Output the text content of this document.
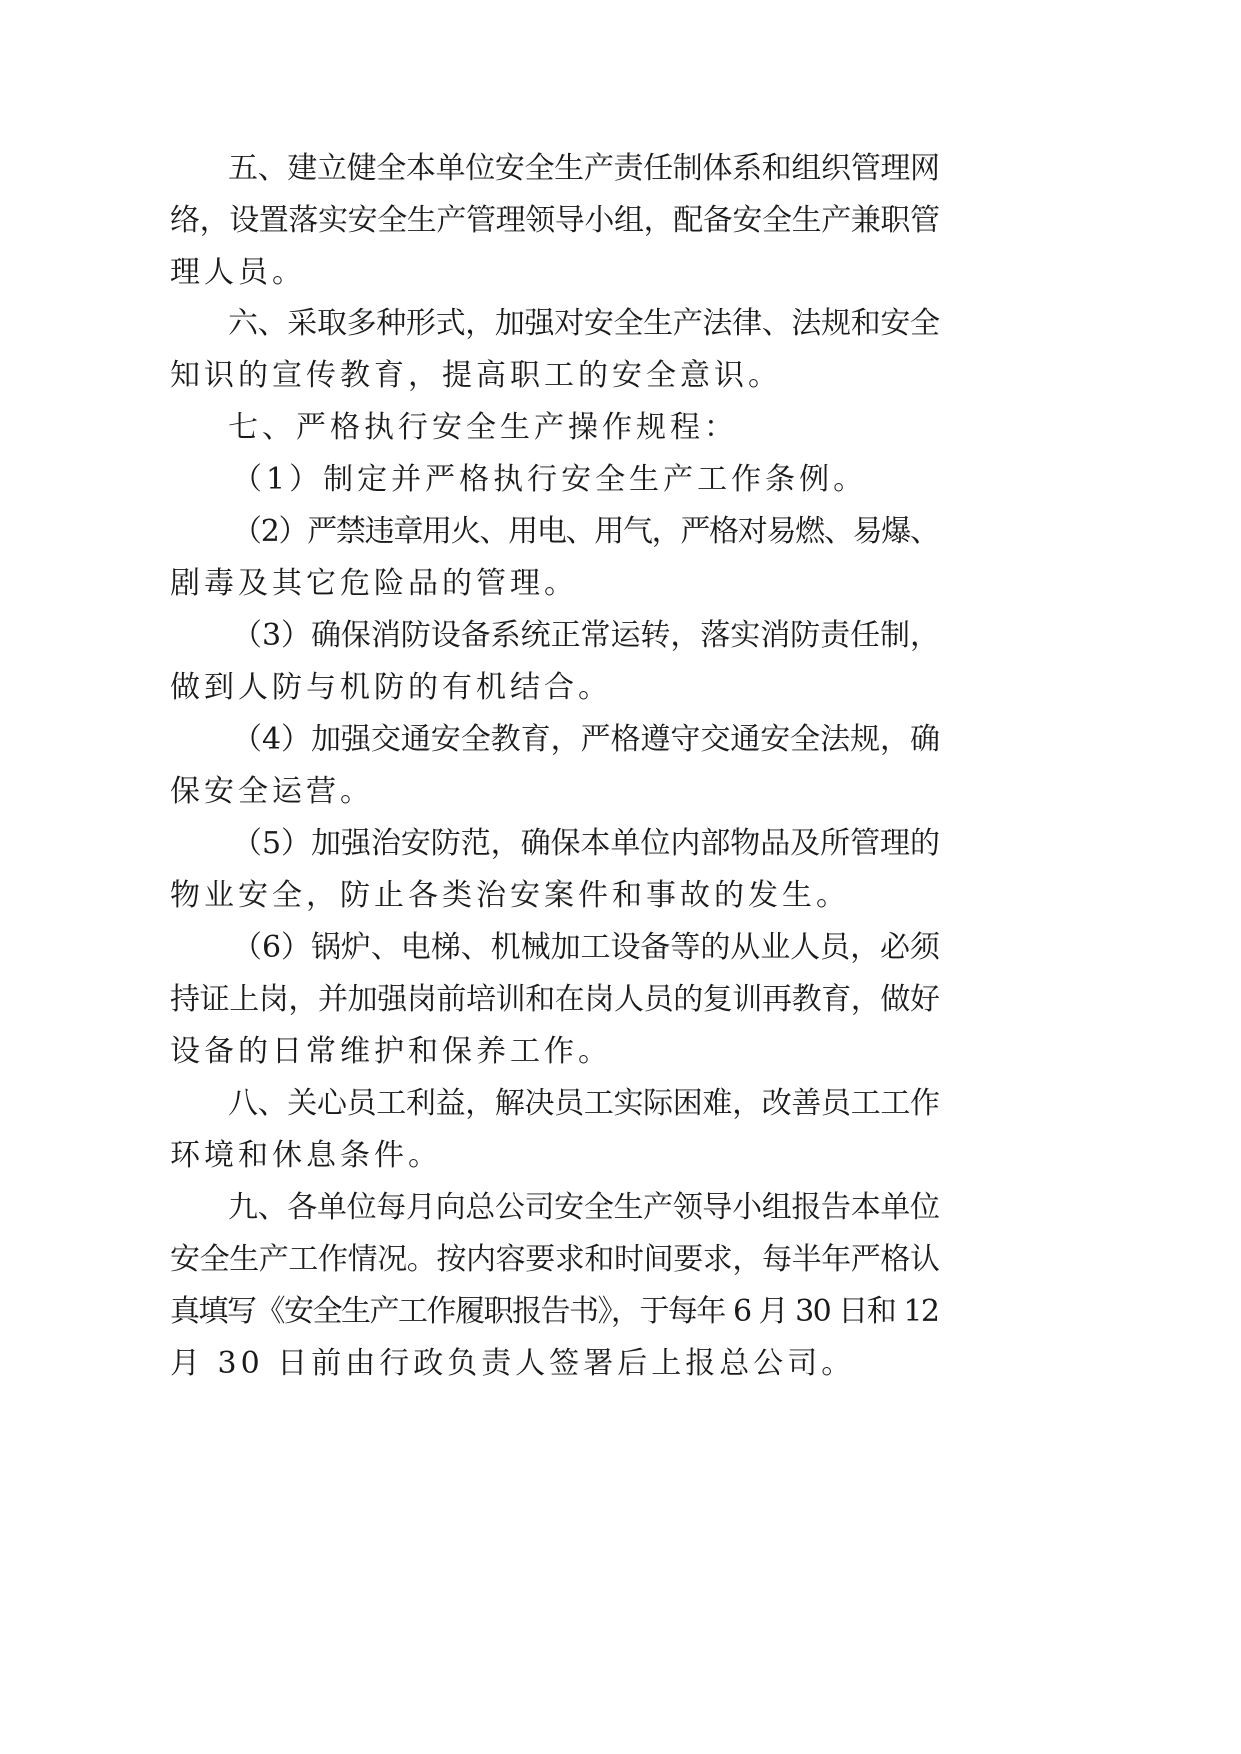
五、建立健全本单位安全生产责任制体系和组织管理网
络，设置落实安全生产管理领导小组，配备安全生产兼职管
理人员。
六、采取多种形式，加强对安全生产法律、法规和安全
知识的宣传教育，提高职工的安全意识。
七、严格执行安全生产操作规程：
（1）制定并严格执行安全生产工作条例。
（2）严禁违章用火、用电、用气，严格对易燃、易爆、
剧毒及其它危险品的管理。
（3）确保消防设备系统正常运转，落实消防责任制，
做到人防与机防的有机结合。
（4）加强交通安全教育，严格遵守交通安全法规，确
保安全运营。
（5）加强治安防范，确保本单位内部物品及所管理的
物业安全，防止各类治安案件和事故的发生。
（6）锅炉、电梯、机械加工设备等的从业人员，必须
持证上岗，并加强岗前培训和在岗人员的复训再教育，做好
设备的日常维护和保养工作。
八、关心员工利益，解决员工实际困难，改善员工工作
环境和休息条件。
九、各单位每月向总公司安全生产领导小组报告本单位
安全生产工作情况。按内容要求和时间要求，每半年严格认
真填写《安全生产工作履职报告书》，于每年 6 月 30 日和 12
月 30 日前由行政负责人签署后上报总公司。
